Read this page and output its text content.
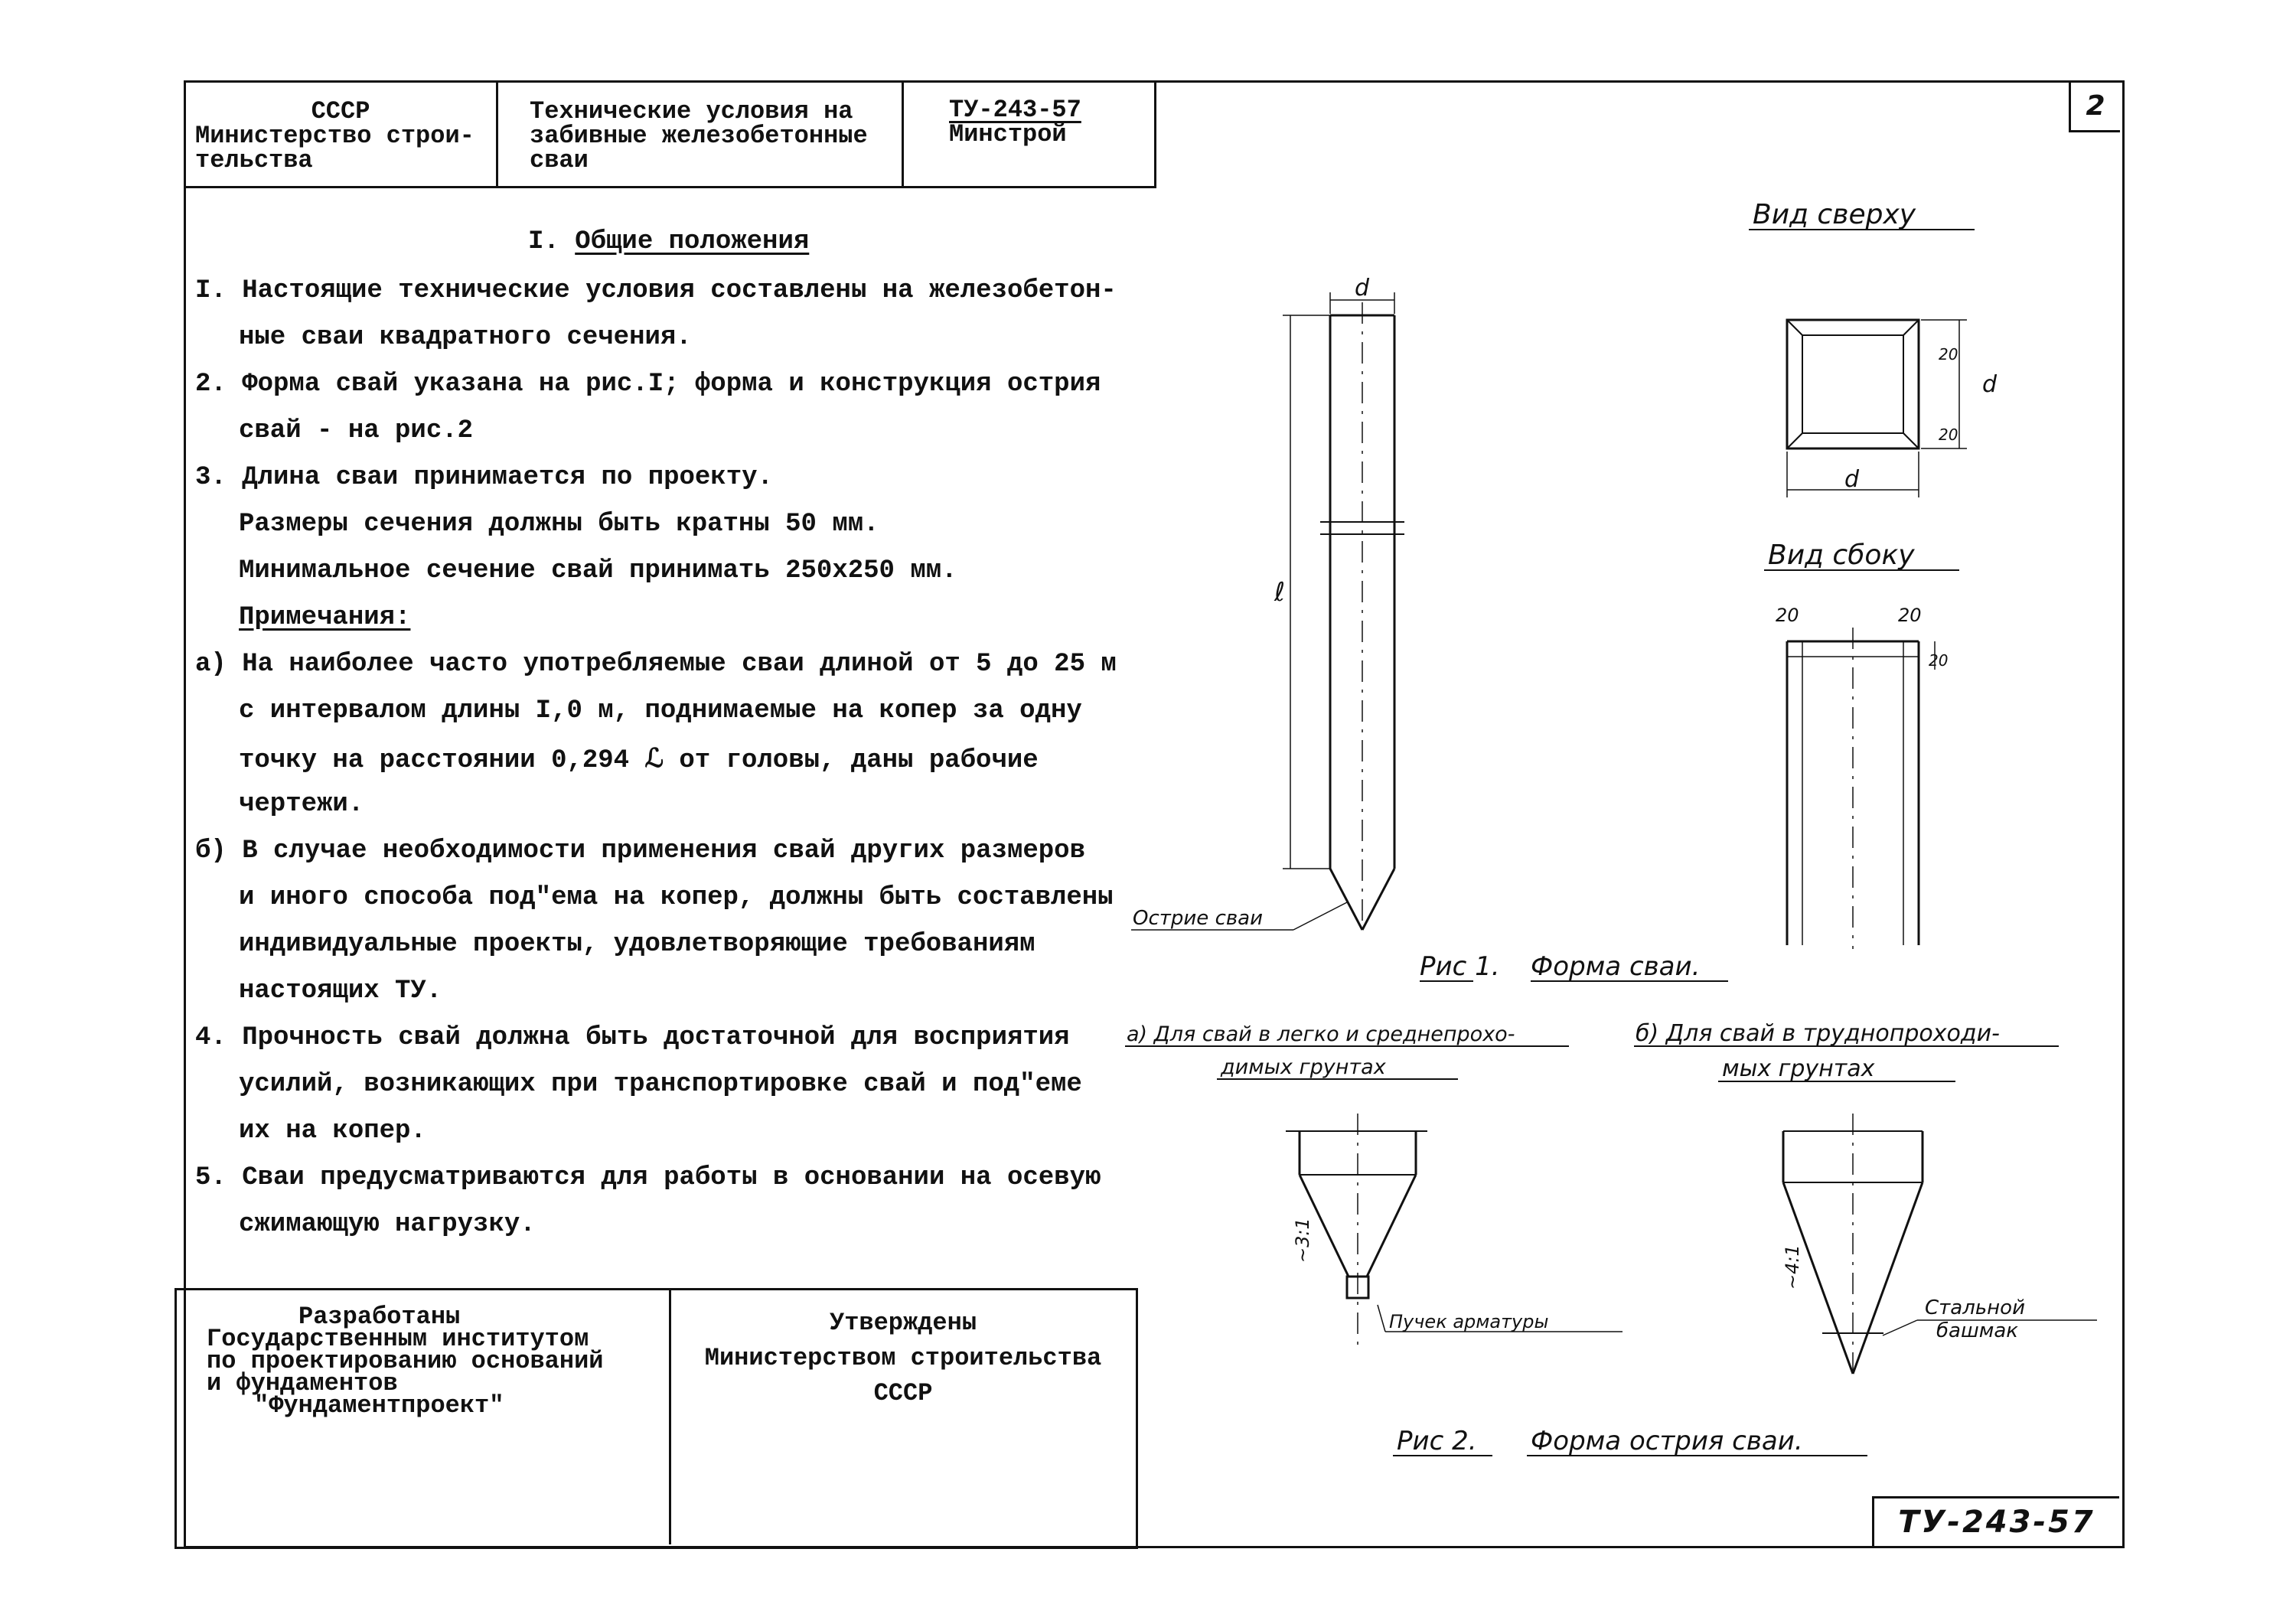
2
СССР
Министерство строи-
тельства
Технические условия на
забивные железобетонные
сваи
ТУ-243-57
Минстрой
I. Общие положения
I. Настоящие технические условия составлены на железобетон-
ные сваи квадратного сечения.
2. Форма свай указана на рис.I; форма и конструкция острия
свай - на рис.2
3. Длина сваи принимается по проекту.
Размеры сечения должны быть кратны 50 мм.
Минимальное сечение свай принимать 250х250 мм.
Примечания:
а) На наиболее часто употребляемые сваи длиной от 5 до 25 м
с интервалом длины I,0 м, поднимаемые на копер за одну
точку на расстоянии 0,294 ℒ от головы, даны рабочие
чертежи.
б) В случае необходимости применения свай других размеров
и иного способа под"ема на копер, должны быть составлены
индивидуальные проекты, удовлетворяющие требованиям
настоящих ТУ.
4. Прочность свай должна быть достаточной для восприятия
усилий, возникающих при транспортировке свай и под"еме
их на копер.
5. Сваи предусматриваются для работы в основании на осевую
сжимающую нагрузку.
Разработаны
Государственным институтом
по проектированию оснований
и фундаментов
"Фундаментпроект"
Утверждены
Министерством строительства
СССР
ТУ-243-57
Вид сверху
Вид сбоку
d
d
d
ℓ
20
20
20	20
20
Острие сваи
Рис 1. Форма сваи.
а) Для свай в легко и среднепрохо-
димых грунтах
б) Для свай в труднопроходи-
мых грунтах
~3:1
~4:1
Пучек арматуры
Стальной
башмак
Рис 2. Форма острия сваи.
